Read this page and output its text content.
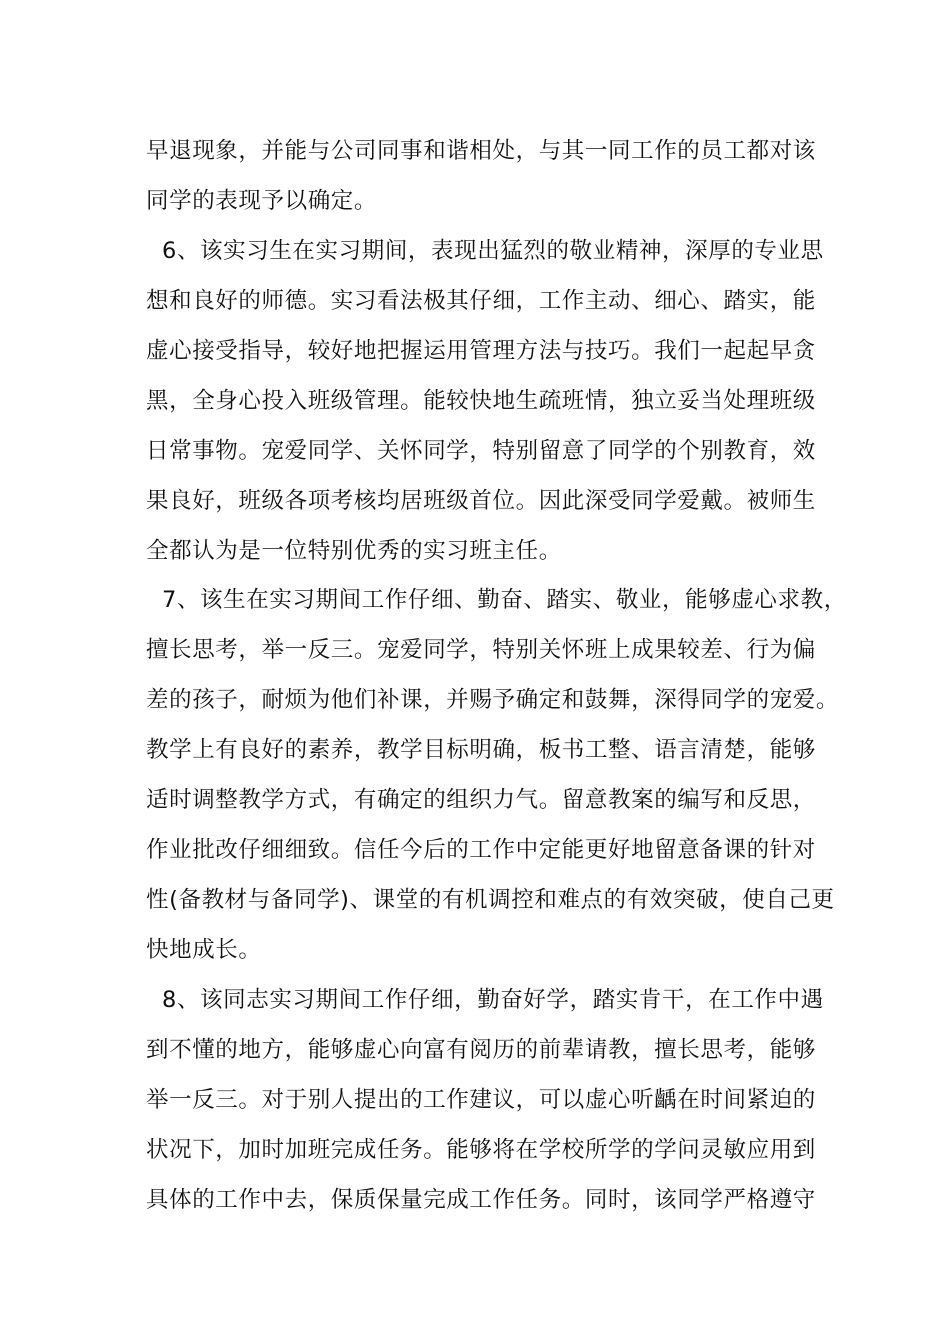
早退现象，并能与公司同事和谐相处，与其一同工作的员工都对该
同学的表现予以确定。
6、该实习生在实习期间，表现出猛烈的敬业精神，深厚的专业思
想和良好的师德。实习看法极其仔细，工作主动、细心、踏实，能
虚心接受指导，较好地把握运用管理方法与技巧。我们一起起早贪
黑，全身心投入班级管理。能较快地生疏班情，独立妥当处理班级
日常事物。宠爱同学、关怀同学，特别留意了同学的个别教育，效
果良好，班级各项考核均居班级首位。因此深受同学爱戴。被师生
全都认为是一位特别优秀的实习班主任。
7、该生在实习期间工作仔细、勤奋、踏实、敬业，能够虚心求教，
擅长思考，举一反三。宠爱同学，特别关怀班上成果较差、行为偏
差的孩子，耐烦为他们补课，并赐予确定和鼓舞，深得同学的宠爱。
教学上有良好的素养，教学目标明确，板书工整、语言清楚，能够
适时调整教学方式，有确定的组织力气。留意教案的编写和反思，
作业批改仔细细致。信任今后的工作中定能更好地留意备课的针对
性(备教材与备同学)、课堂的有机调控和难点的有效突破，使自己更
快地成长。
8、该同志实习期间工作仔细，勤奋好学，踏实肯干，在工作中遇
到不懂的地方，能够虚心向富有阅历的前辈请教，擅长思考，能够
举一反三。对于别人提出的工作建议，可以虚心听齲在时间紧迫的
状况下，加时加班完成任务。能够将在学校所学的学问灵敏应用到
具体的工作中去，保质保量完成工作任务。同时，该同学严格遵守
